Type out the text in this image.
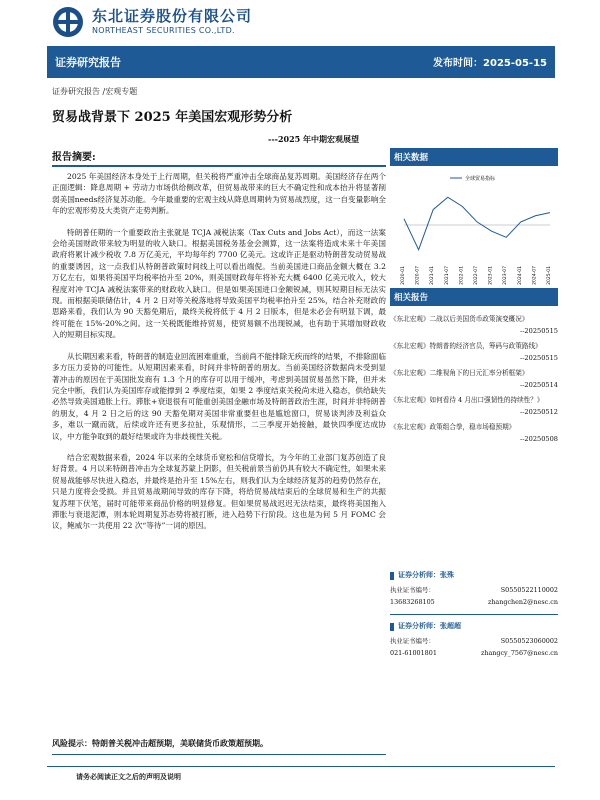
东北证券股份有限公司
NORTHEAST SECURITIES CO.,LTD.
证券研究报告	发布时间：2025-05-15
证券研究报告 /宏观专题
贸易战背景下 2025 年美国宏观形势分析
---2025 年中期宏观展望
报告摘要:

2025 年美国经济本身处于上行周期，但关税将严重冲击全球商品复苏周期。美国经济存在两个正面逻辑：降息周期 + 劳动力市场供给侧改革，但贸易战带来的巨大不确定性和成本抬升将显著削弱美国needs经济复苏动能。今年最重要的宏观主线从降息周期转为贸易战烈度，这一自变量影响全年的宏观形势及大类资产走势判断。

特朗普任期的一个重要政治主张就是 TCJA 减税法案（Tax Cuts and Jobs Act），而这一法案会给美国财政带来较为明显的收入缺口。根据美国税务基金会测算，这一法案将造成未来十年美国政府将累计减少税收 7.8 万亿美元，平均每年约 7700 亿美元。这或许正是驱动特朗普发动贸易战的重要诱因，这一点我们从特朗普政策时间线上可以看出端倪。当前美国进口商品金额大概在 3.2 万亿左右，如果将美国平均税率抬升至 20%，则美国财政每年将补充大概 6400 亿美元收入，较大程度对冲 TCJA 减税法案带来的财政收入缺口。但是如果美国进口金额锐减，则其短期目标无法实现。而根据美联储估计，4 月 2 日对等关税落地将导致美国平均税率抬升至 25%，结合补充财政的思路来看，我们认为 90 天豁免期后，最终关税将低于 4 月 2 日版本，但是未必会有明显下调，最终可能在 15%-20%之间。这一关税既能维持贸易，使贸易额不出现锐减，也有助于其增加财政收入的短期目标实现。

从长期因素来看，特朗普的制造业回流困难重重，当前尚不能排除无疾而终的结果，不排除面临多方压力妥协的可能性。从短期因素来看，时间并非特朗普的朋友。当前美国经济数据尚未受到显著冲击的原因在于美国批发商有 1.3 个月的库存可以用于缓冲，考虑到美国贸易虽然下降，但并未完全中断，我们认为美国库存或能撑到 2 季度结束，如果 2 季度结束关税尚未进入稳态，供给缺失必然导致美国通胀上行。滞胀+衰退很有可能重创美国金融市场及特朗普政治生涯，时间并非特朗普的朋友，4 月 2 日之后的这 90 天豁免期对美国非常重要但也是尴尬窗口，贸易谈判涉及利益众多，难以一蹴而就，后续或许还有更多拉扯，乐观情形，二三季度开始接触，最快四季度达成协议，中方能争取到的最好结果或许为非歧视性关税。

结合宏观数据来看，2024 年以来的全球货币宽松和信贷增长，为今年的工业部门复苏创造了良好背景。4 月以来特朗普冲击为全球复苏蒙上阴影，但关税前景当前仍具有较大不确定性，如果未来贸易战能够尽快进入稳态，并最终是抬升至 15%左右，则我们认为全球经济复苏的趋势仍然存在，只是力度将会受损。并且贸易战期间导致的库存下降，将给贸易战结束后的全球贸易和生产的共振复苏埋下伏笔，届时可能带来商品价格的明显修复。但如果贸易战迟迟无法结束，最终将美国拖入滞胀与衰退泥潭，则本轮周期复苏态势将被打断，进入趋势下行阶段。这也是为何 5 月 FOMC 会议，鲍威尔一共使用 22 次“等待”一词的原因。

风险提示：特朗普关税冲击超预期，美联储货币政策超预期。
相关数据
全球贸易指标
2020-01 2020-07 2021-01 2021-07 2022-01 2022-07 2023-01 2023-07 2024-01 2024-07 2025-01
相关报告
《东北宏观》二战以后美国货币政策演变概况》
--20250515
《东北宏观》特朗普的经济官员，筹码与政策路线》
--20250515
《东北宏观》二维视角下的日元汇率分析框架》
--20250514
《东北宏观》如何看待 4 月出口强韧性的持续性？》
--20250512
《东北宏观》政策组合拳，稳市场稳预期》
--20250508
证券分析师：张殊
执业证书编号：	S0550522110002
13683268105	zhangchen2@nesc.cn
证券分析师：张超超
执业证书编号：	S0550523060002
021-61001801	zhangcy_7567@nesc.cn
请务必阅读正文之后的声明及说明
